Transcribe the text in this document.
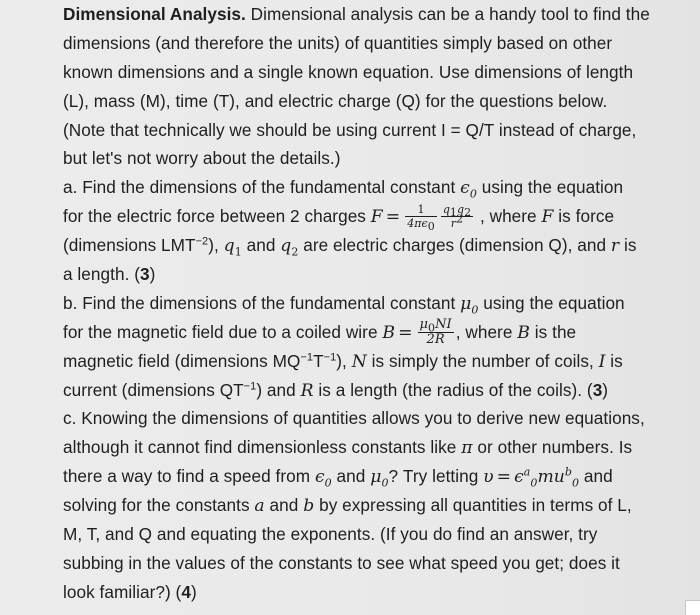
Dimensional Analysis. Dimensional analysis can be a handy tool to find the
dimensions (and therefore the units) of quantities simply based on other
known dimensions and a single known equation. Use dimensions of length
(L), mass (M), time (T), and electric charge (Q) for the questions below.
(Note that technically we should be using current I = Q/T instead of charge,
but let's not worry about the details.)
a. Find the dimensions of the fundamental constant $\epsilon_0$ using the equation
for the electric force between 2 charges $F = \frac{1}{4\pi\epsilon_0} \frac{q_1q_2}{r^2}$ , where F is force
(dimensions $LMT^{-2}$), $q_1$ and $q_2$ are electric charges (dimension Q), and r is
a length. (3)
b. Find the dimensions of the fundamental constant $\mu_0$ using the equation
for the magnetic field due to a coiled wire $B = \frac{\mu_0NI}{2R}$ , where B is the
magnetic field (dimensions $MQ^{-1}T^{-1}$), N is simply the number of coils, I is
current (dimensions $QT^{-1}$) and R is a length (the radius of the coils). (3)
c. Knowing the dimensions of quantities allows you to derive new equations,
although it cannot find dimensionless constants like π or other numbers. Is
there a way to find a speed from $\epsilon_0$ and $\mu_0$? Try letting $\upsilon = \epsilon^a_0mu^b_0$ and
solving for the constants a and b by expressing all quantities in terms of L,
M, T, and Q and equating the exponents. (If you do find an answer, try
subbing in the values of the constants to see what speed you get; does it
look familiar?) (4)
